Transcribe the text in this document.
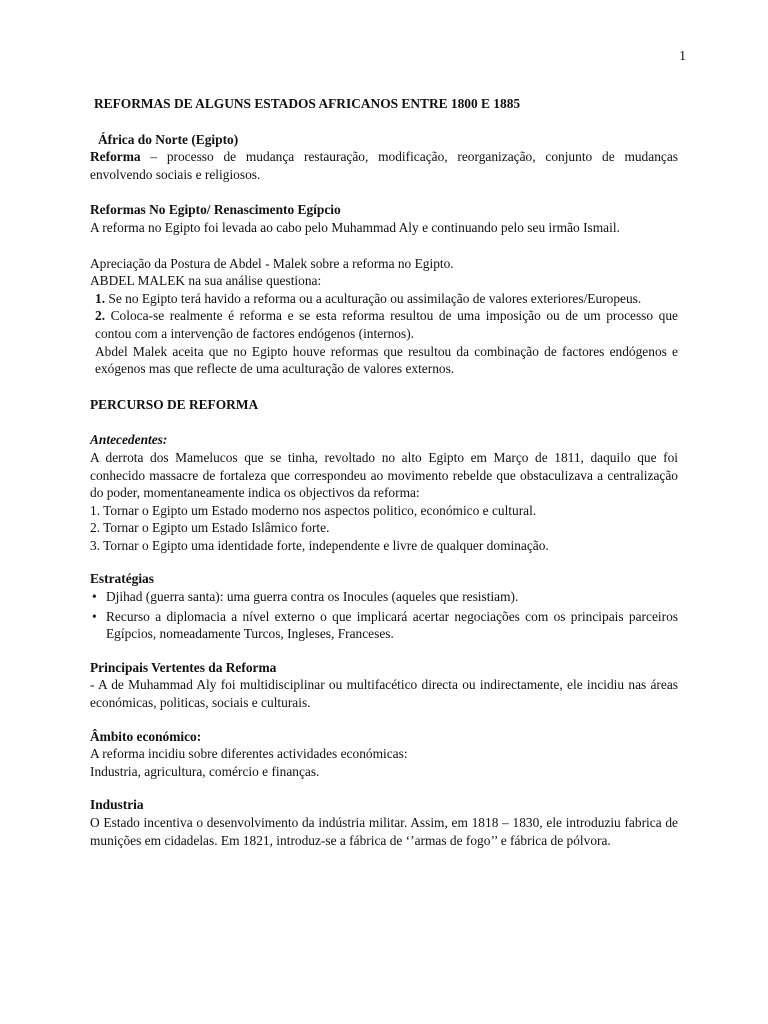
1

REFORMAS DE ALGUNS ESTADOS AFRICANOS ENTRE 1800 E 1885

África do Norte (Egipto)

Reforma – processo de mudança restauração, modificação, reorganização, conjunto de mudanças envolvendo sociais e religiosos.

Reformas No Egipto/ Renascimento Egípcio

A reforma no Egipto foi levada ao cabo pelo Muhammad Aly e continuando pelo seu irmão Ismail.

Apreciação da Postura de Abdel - Malek sobre a reforma no Egipto.

ABDEL MALEK na sua análise questiona:

1. Se no Egipto terá havido a reforma ou a aculturação ou assimilação de valores exteriores/Europeus.

2. Coloca-se realmente é reforma e se esta reforma resultou de uma imposição ou de um processo que contou com a intervenção de factores endógenos (internos).

Abdel Malek aceita que no Egipto houve reformas que resultou da combinação de factores endógenos e exógenos mas que reflecte de uma aculturação de valores externos.

PERCURSO DE REFORMA

Antecedentes:

A derrota dos Mamelucos que se tinha, revoltado no alto Egipto em Março de 1811, daquilo que foi conhecido massacre de fortaleza que correspondeu ao movimento rebelde que obstaculizava a centralização do poder, momentaneamente indica os objectivos da reforma:

1. Tornar o Egipto um Estado moderno nos aspectos politico, económico e cultural.

2. Tornar o Egipto um Estado Islâmico forte.

3. Tornar o Egipto uma identidade forte, independente e livre de qualquer dominação.

Estratégias

• Djihad (guerra santa): uma guerra contra os Inocules (aqueles que resistiam).
• Recurso a diplomacia a nível externo o que implicará acertar negociações com os principais parceiros Egípcios, nomeadamente Turcos, Ingleses, Franceses.

Principais Vertentes da Reforma

- A de Muhammad Aly foi multidisciplinar ou multifacético directa ou indirectamente, ele incidiu nas áreas económicas, politicas, sociais e culturais.

Âmbito económico:

A reforma incidiu sobre diferentes actividades económicas:

Industria, agricultura, comércio e finanças.

Industria

O Estado incentiva o desenvolvimento da indústria militar. Assim, em 1818 – 1830, ele introduziu fabrica de munições em cidadelas. Em 1821, introduz-se a fábrica de ‘’armas de fogo’’ e fábrica de pólvora.
